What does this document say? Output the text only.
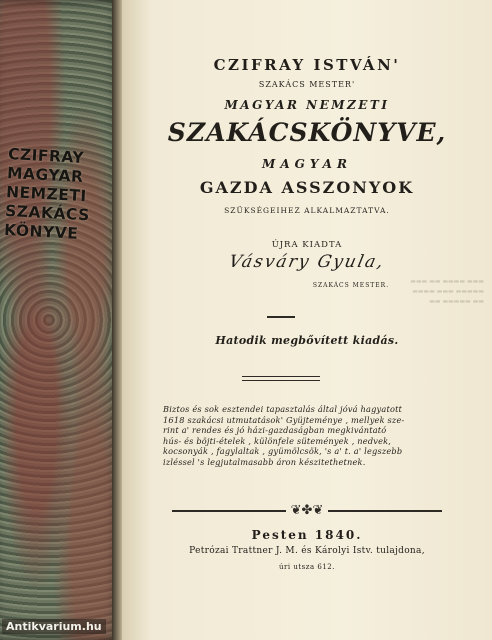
CZIFRAY
MAGYAR
NEMZETI
SZAKÁCS
KÖNYVE
CZIFRAY ISTVÁN'
SZAKÁCS MESTER'
MAGYAR NEMZETI
SZAKÁCSKÖNYVE,
MAGYAR
GAZDA ASSZONYOK
SZÜKSÉGEIHEZ ALKALMAZTATVA.
ÚJRA KIADTA
Vásváry Gyula,
SZAKÁCS MESTER.
▬▬▬ ▬▬▬▬ ▬▬ ▬▬▬
▬▬▬▬▬ ▬▬▬ ▬▬▬▬
▬▬ ▬▬▬▬▬ ▬▬
Hatodik megbővített kiadás.
Biztos és sok esztendei tapasztalás által jóvá hagyatott
1618 szakácsi utmutatások' Gyüjteménye , mellyek sze-
rint a' rendes és jó házi-gazdaságban megkivántató
hús- és böjti-ételek , különfele sütemények , nedvek,
kocsonyák , fagylaltak , gyümölcsök, 's a' t. a' legszebb
izléssel 's legjutalmasabb áron készitethetnek.
❦✤❦
Pesten 1840.
Petrózai Trattner J. M. és Károlyi Istv. tulajdona,
úri utsza 612.
Antikvarium.hu
